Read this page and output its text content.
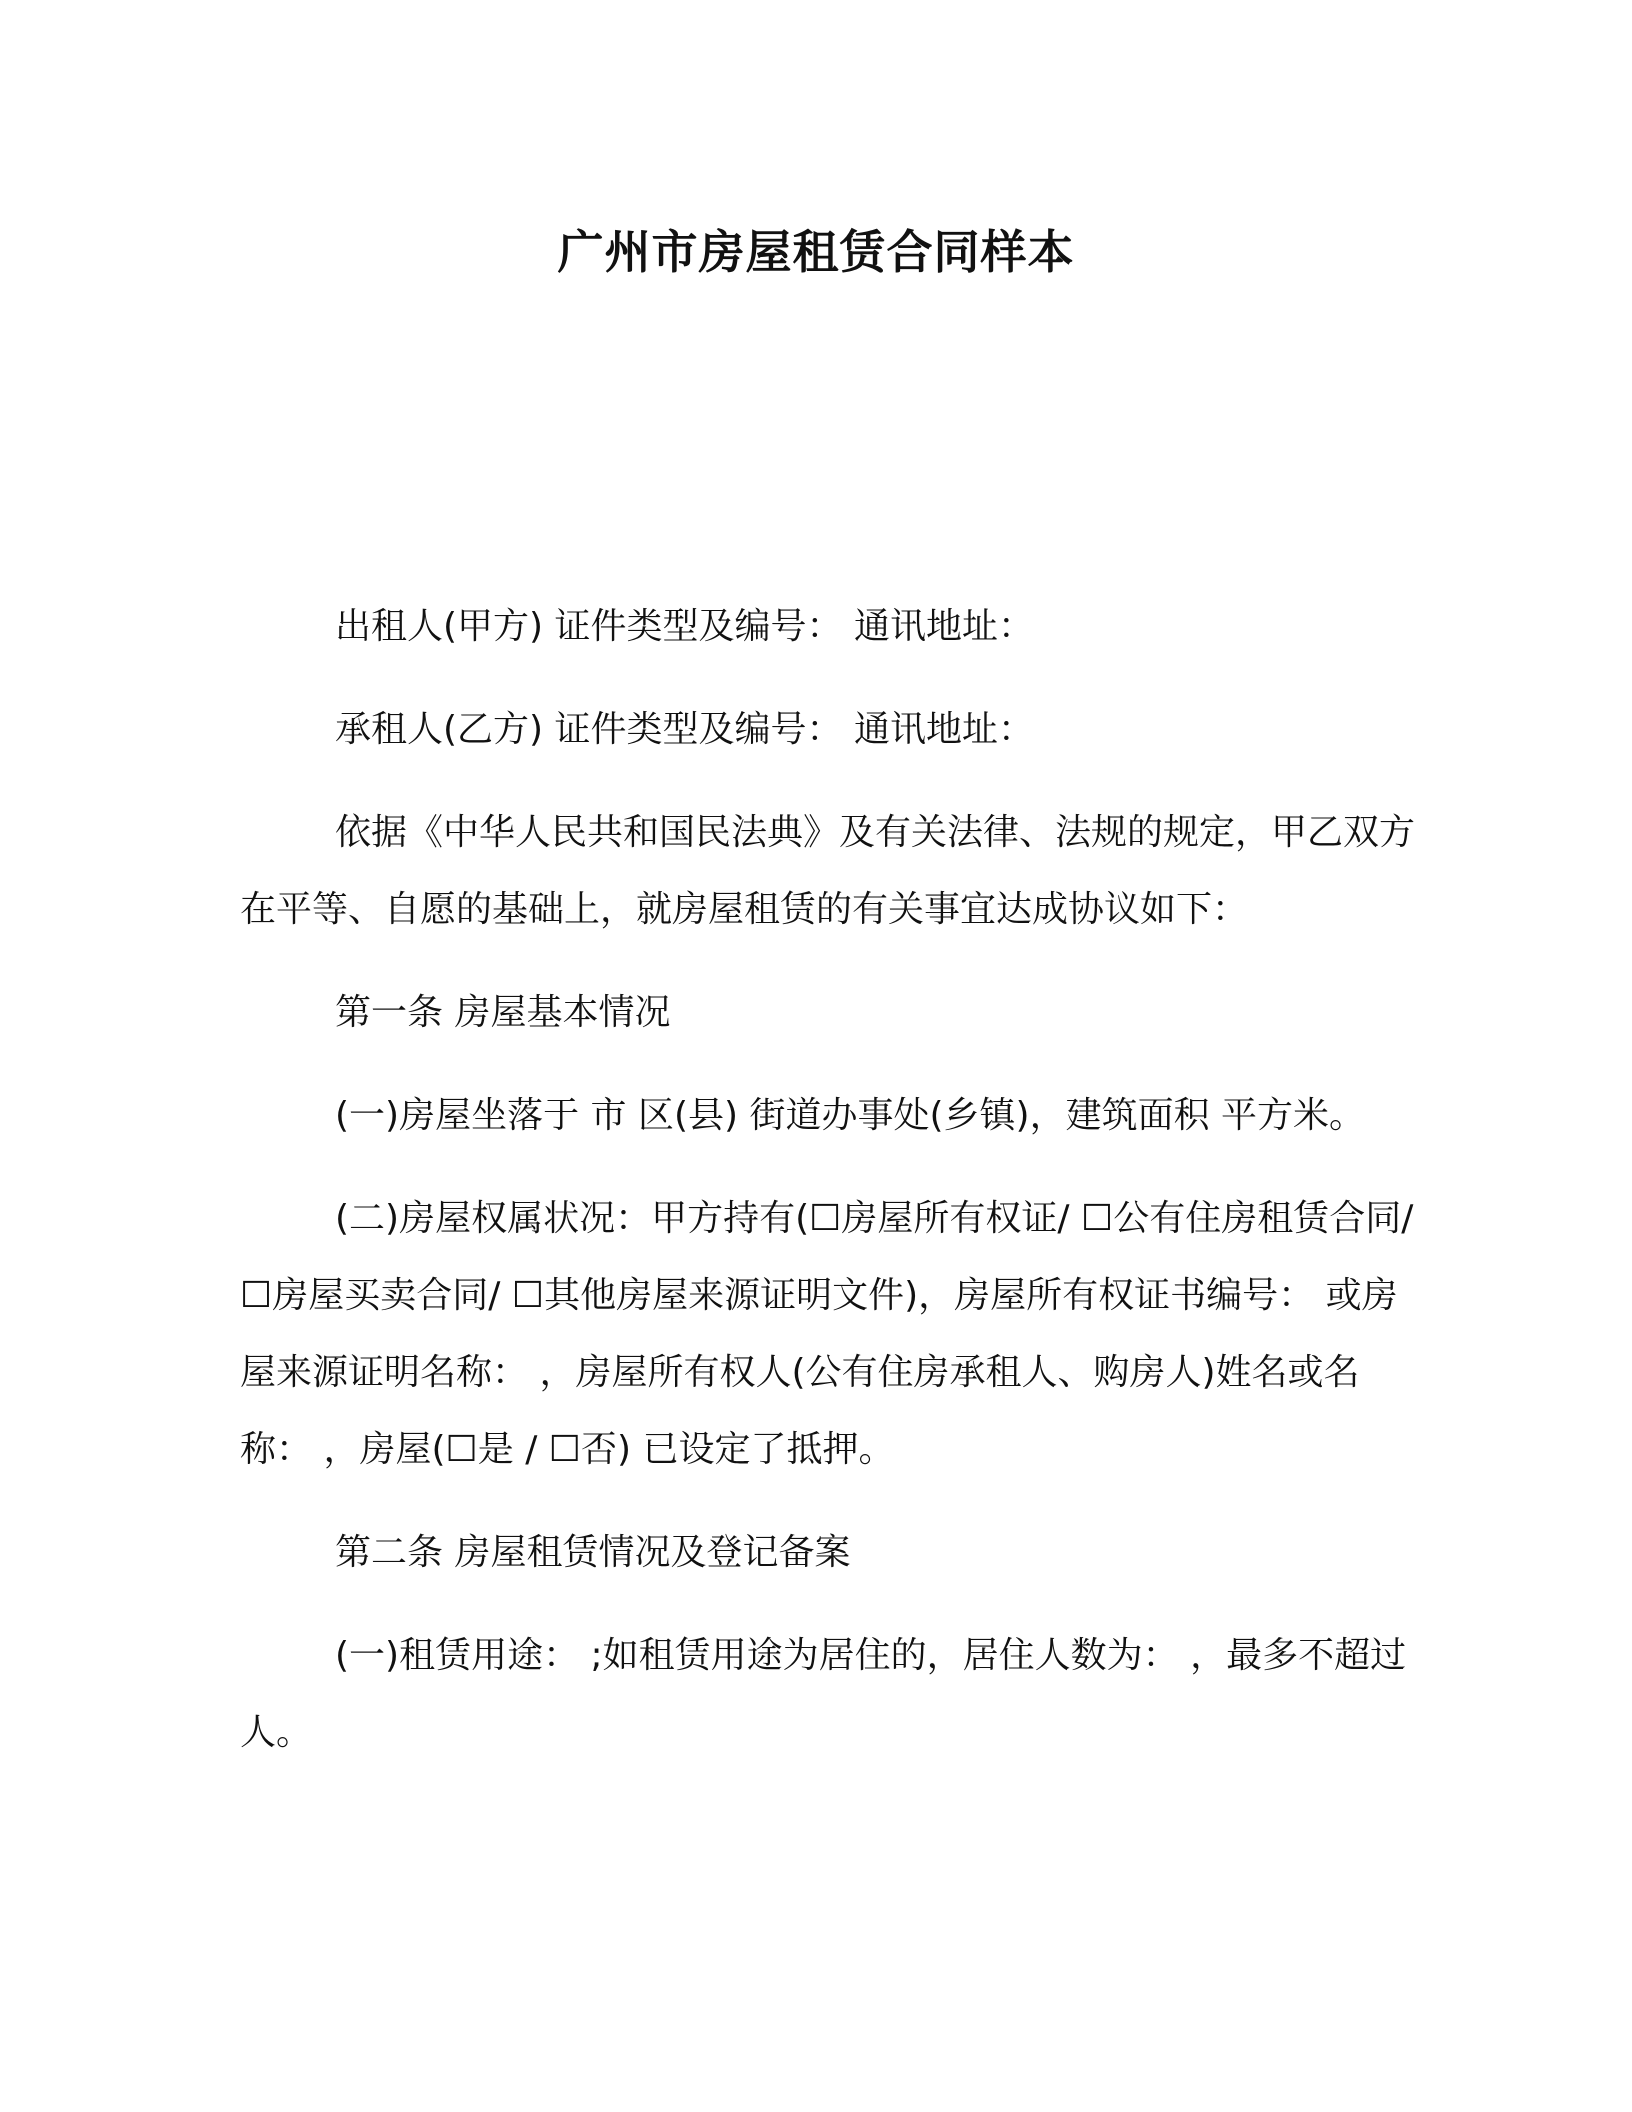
广州市房屋租赁合同样本

出租人(甲方) 证件类型及编号： 通讯地址：

承租人(乙方) 证件类型及编号： 通讯地址：

依据《中华人民共和国民法典》及有关法律、法规的规定，甲乙双方在平等、自愿的基础上，就房屋租赁的有关事宜达成协议如下：

第一条 房屋基本情况

(一)房屋坐落于 市 区(县) 街道办事处(乡镇)，建筑面积 平方米。

(二)房屋权属状况：甲方持有(☐房屋所有权证/ ☐公有住房租赁合同/ ☐房屋买卖合同/ ☐其他房屋来源证明文件)，房屋所有权证书编号： 或房屋来源证明名称： ，房屋所有权人(公有住房承租人、购房人)姓名或名称： ，房屋(☐是 / ☐否) 已设定了抵押。

第二条 房屋租赁情况及登记备案

(一)租赁用途： ;如租赁用途为居住的，居住人数为： ，最多不超过 人。
